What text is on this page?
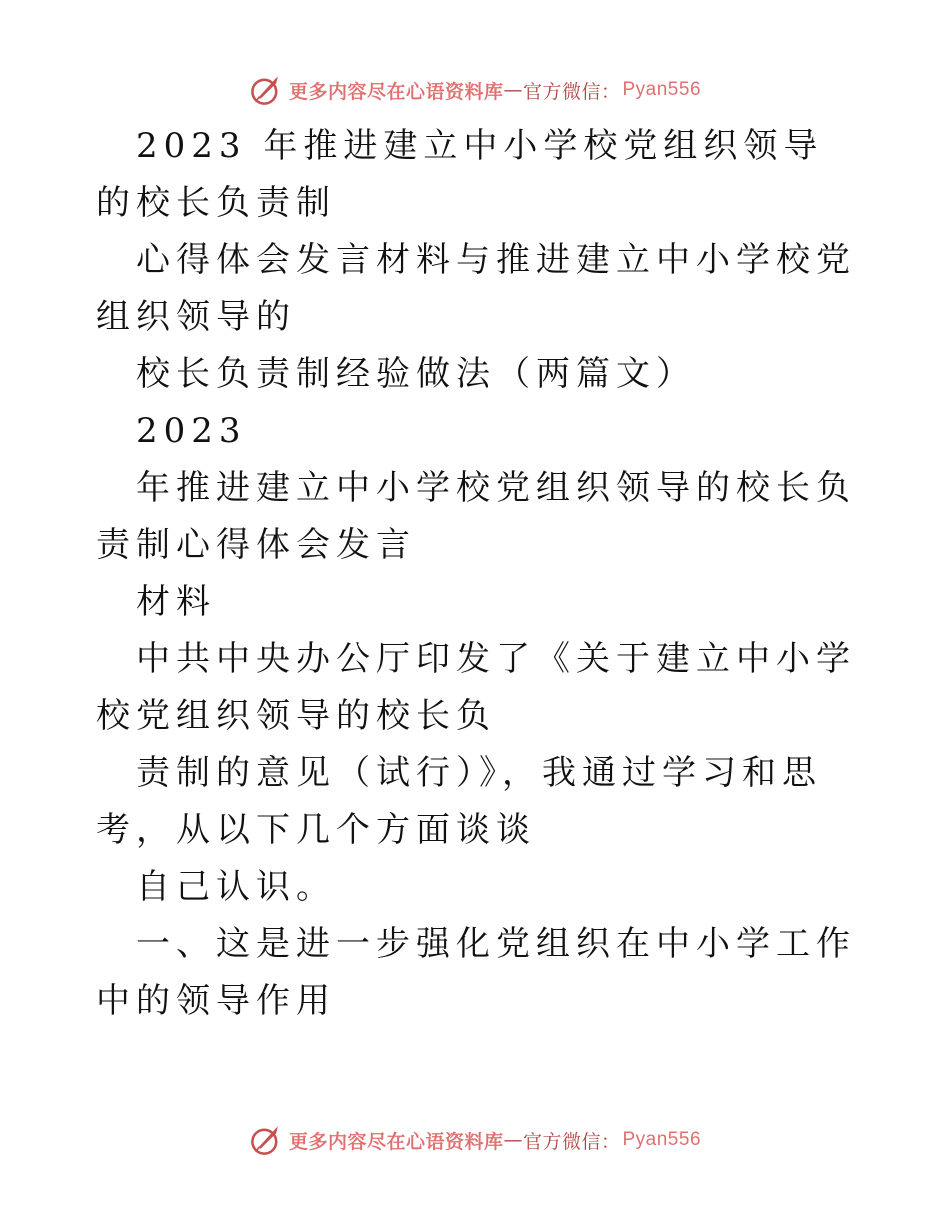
更多内容尽在心语资料库 — 官方微信： Pyan556

2023 年推进建立中小学校党组织领导的校长负责制

心得体会发言材料与推进建立中小学校党组织领导的

校长负责制经验做法（两篇文）

2023

年推进建立中小学校党组织领导的校长负责制心得体会发言

材料

中共中央办公厅印发了《关于建立中小学校党组织领导的校长负

责制的意见（试行）》，我通过学习和思考，从以下几个方面谈谈

自己认识。

一、这是进一步强化党组织在中小学工作中的领导作用

更多内容尽在心语资料库 — 官方微信： Pyan556
